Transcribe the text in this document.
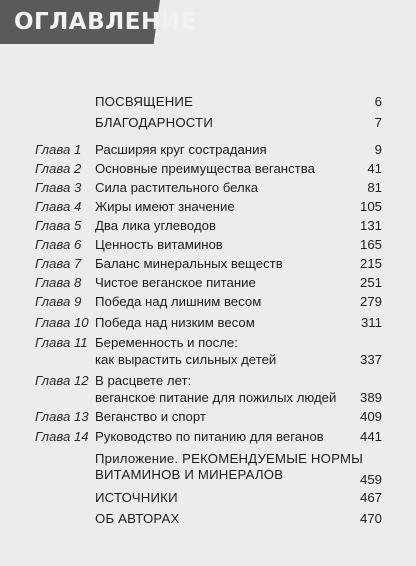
ОГЛАВЛЕНИЕ
ПОСВЯЩЕНИЕ	6
БЛАГОДАРНОСТИ	7
Глава 1 Расширяя круг сострадания	9
Глава 2 Основные преимущества веганства	41
Глава 3 Сила растительного белка	81
Глава 4 Жиры имеют значение	105
Глава 5 Два лика углеводов	131
Глава 6 Ценность витаминов	165
Глава 7 Баланс минеральных веществ	215
Глава 8 Чистое веганское питание	251
Глава 9 Победа над лишним весом	279
Глава 10 Победа над низким весом	311
Глава 11 Беременность и после:
как вырастить сильных детей	337
Глава 12 В расцвете лет:
веганское питание для пожилых людей	389
Глава 13 Веганство и спорт	409
Глава 14 Руководство по питанию для веганов	441
Приложение. РЕКОМЕНДУЕМЫЕ НОРМЫ
ВИТАМИНОВ И МИНЕРАЛОВ	459
ИСТОЧНИКИ	467
ОБ АВТОРАХ	470
